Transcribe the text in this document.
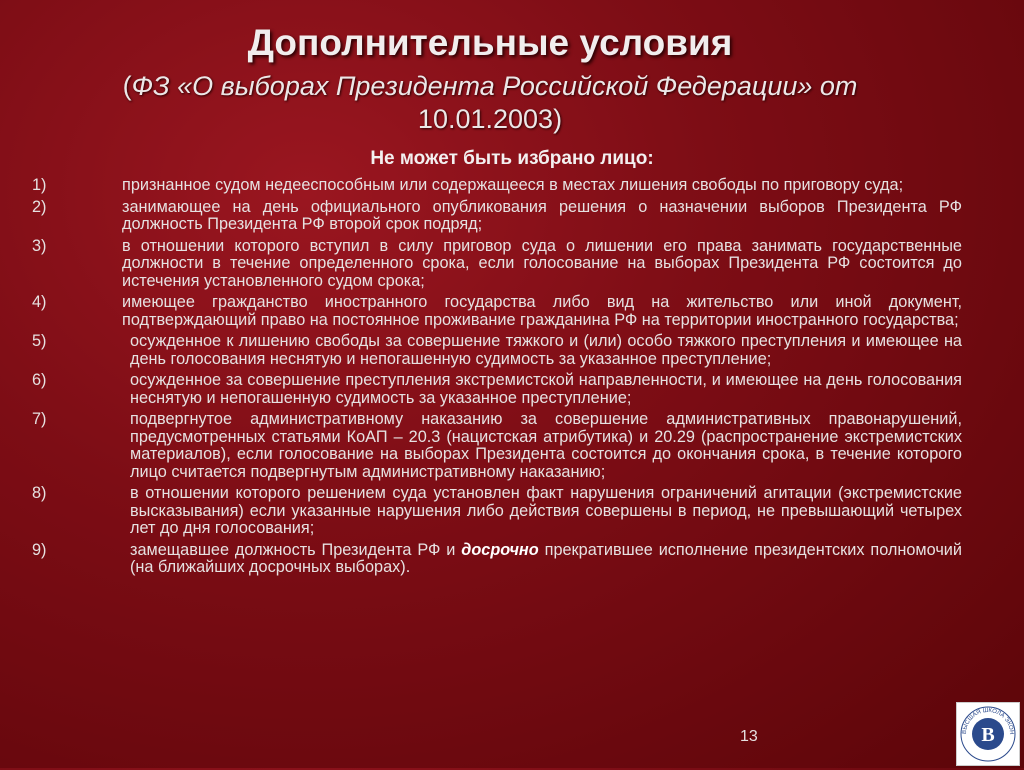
Дополнительные условия
(ФЗ «О выборах Президента Российской Федерации» от
10.01.2003)
Не может быть избрано лицо:
1)	признанное судом недееспособным или содержащееся в местах лишения свободы по приговору суда;
2)	занимающее на день официального опубликования решения о назначении выборов Президента РФ должность Президента РФ второй срок подряд;
3)	в отношении которого вступил в силу приговор суда о лишении его права занимать государственные должности в течение определенного срока, если голосование на выборах Президента РФ состоится до истечения установленного судом срока;
4)	имеющее гражданство иностранного государства либо вид на жительство или иной документ, подтверждающий право на постоянное проживание гражданина РФ на территории иностранного государства;
5)	осужденное к лишению свободы за совершение тяжкого и (или) особо тяжкого преступления и имеющее на день голосования неснятую и непогашенную судимость за указанное преступление;
6)	осужденное за совершение преступления экстремистской направленности, и имеющее на день голосования неснятую и непогашенную судимость за указанное преступление;
7)	подвергнутое административному наказанию за совершение административных правонарушений, предусмотренных статьями КоАП – 20.3 (нацистская атрибутика) и 20.29 (распространение экстремистских материалов), если голосование на выборах Президента состоится до окончания срока, в течение которого лицо считается подвергнутым административному наказанию;
8)	в отношении которого решением суда установлен факт нарушения ограничений агитации (экстремистские высказывания) если указанные нарушения либо действия совершены в период, не превышающий четырех лет до дня голосования;
9)	замещавшее должность Президента РФ и досрочно прекратившее исполнение президентских полномочий (на ближайших досрочных выборах).
13	В
ВЫСШАЯ ШКОЛА ЭКОН
